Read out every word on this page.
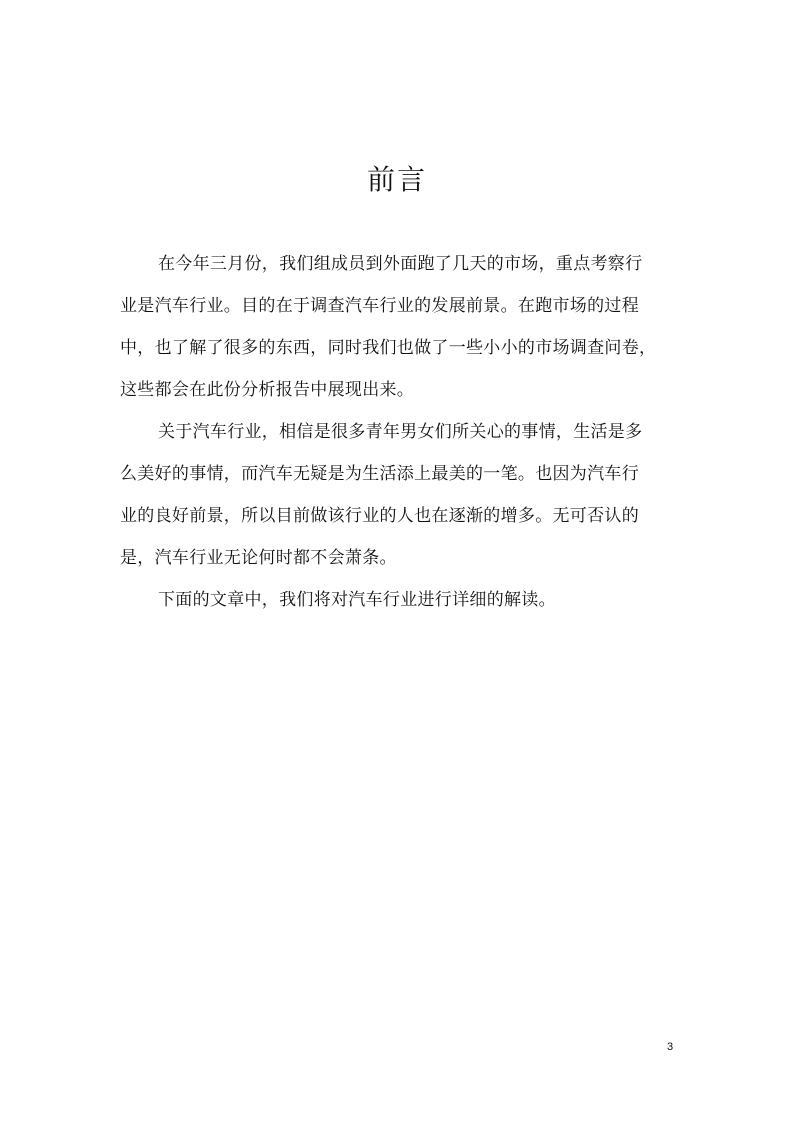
前言
在今年三月份，我们组成员到外面跑了几天的市场，重点考察行
业是汽车行业。目的在于调查汽车行业的发展前景。在跑市场的过程
中，也了解了很多的东西，同时我们也做了一些小小的市场调查问卷，
这些都会在此份分析报告中展现出来。
关于汽车行业，相信是很多青年男女们所关心的事情，生活是多
么美好的事情，而汽车无疑是为生活添上最美的一笔。也因为汽车行
业的良好前景，所以目前做该行业的人也在逐渐的增多。无可否认的
是，汽车行业无论何时都不会萧条。
下面的文章中，我们将对汽车行业进行详细的解读。
3
